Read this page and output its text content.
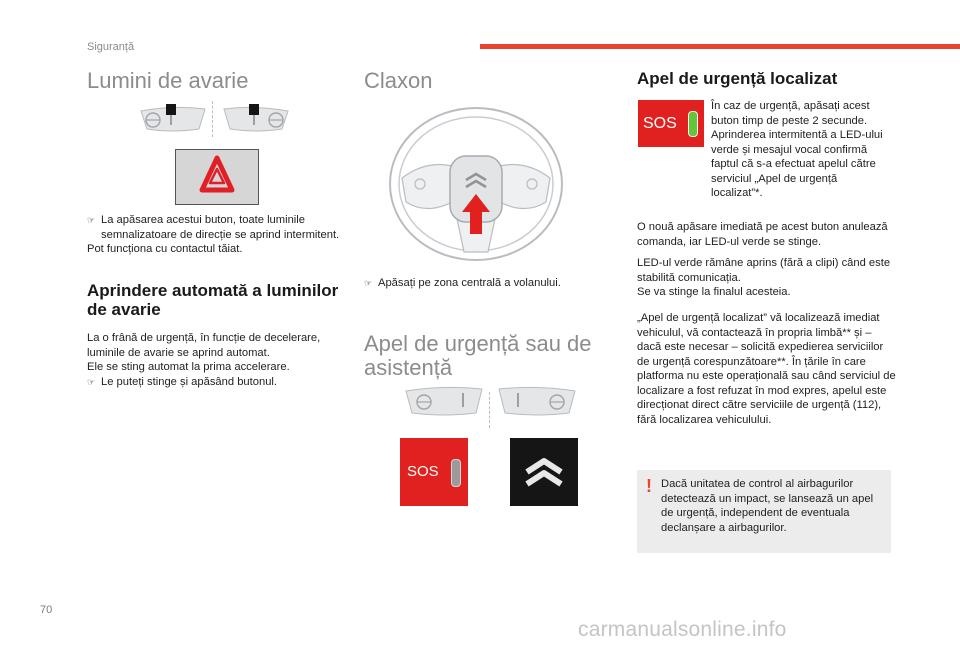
Siguranță
70
carmanualsonline.info
Lumini de avarie
☞ La apăsarea acestui buton, toate luminile semnalizatoare de direcție se aprind intermitent.

Pot funcționa cu contactul tăiat.

Aprindere automată a luminilor de avarie

La o frână de urgență, în funcție de decelerare, luminile de avarie se aprind automat.

Ele se sting automat la prima accelerare.

☞ Le puteți stinge și apăsând butonul.
Claxon
☞ Apăsați pe zona centrală a volanului.
Apel de urgență sau de asistență
SOS
Apel de urgență localizat
SOS
În caz de urgență, apăsați acest buton timp de peste 2 secunde. Aprinderea intermitentă a LED-ului verde și mesajul vocal confirmă faptul că s-a efectuat apelul către serviciul „Apel de urgență localizat”*.
O nouă apăsare imediată pe acest buton anulează comanda, iar LED-ul verde se stinge.

LED-ul verde rămâne aprins (fără a clipi) când este stabilită comunicația.

Se va stinge la finalul acesteia.

„Apel de urgență localizat” vă localizează imediat vehiculul, vă contactează în propria limbă** și – dacă este necesar – solicită expedierea serviciilor de urgență corespunzătoare**. În țările în care platforma nu este operațională sau când serviciul de localizare a fost refuzat în mod expres, apelul este direcționat direct către serviciile de urgență (112), fără localizarea vehiculului.
! Dacă unitatea de control al airbagurilor detectează un impact, se lansează un apel de urgență, independent de eventuala declanșare a airbagurilor.
